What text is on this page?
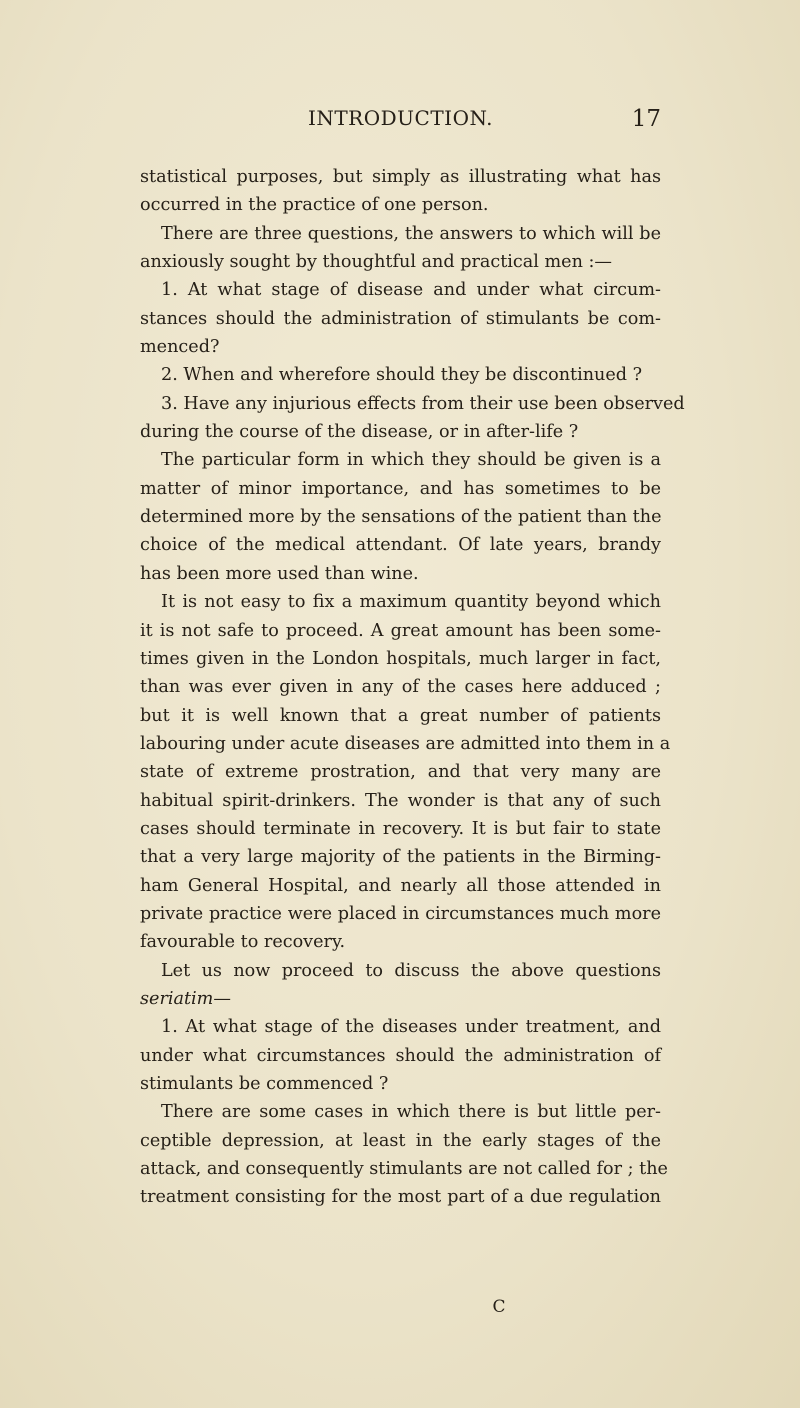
INTRODUCTION.	17
statistical purposes, but simply as illustrating what has
occurred in the practice of one person.
There are three questions, the answers to which will be
anxiously sought by thoughtful and practical men :—
1. At what stage of disease and under what circum-
stances should the administration of stimulants be com-
menced?
2. When and wherefore should they be discontinued ?
3. Have any injurious effects from their use been observed
during the course of the disease, or in after-life ?
The particular form in which they should be given is a
matter of minor importance, and has sometimes to be
determined more by the sensations of the patient than the
choice of the medical attendant. Of late years, brandy
has been more used than wine.
It is not easy to fix a maximum quantity beyond which
it is not safe to proceed. A great amount has been some-
times given in the London hospitals, much larger in fact,
than was ever given in any of the cases here adduced ;
but it is well known that a great number of patients
labouring under acute diseases are admitted into them in a
state of extreme prostration, and that very many are
habitual spirit-drinkers. The wonder is that any of such
cases should terminate in recovery. It is but fair to state
that a very large majority of the patients in the Birming-
ham General Hospital, and nearly all those attended in
private practice were placed in circumstances much more
favourable to recovery.
Let us now proceed to discuss the above questions
seriatim—
1. At what stage of the diseases under treatment, and
under what circumstances should the administration of
stimulants be commenced ?
There are some cases in which there is but little per-
ceptible depression, at least in the early stages of the
attack, and consequently stimulants are not called for ; the
treatment consisting for the most part of a due regulation
C
